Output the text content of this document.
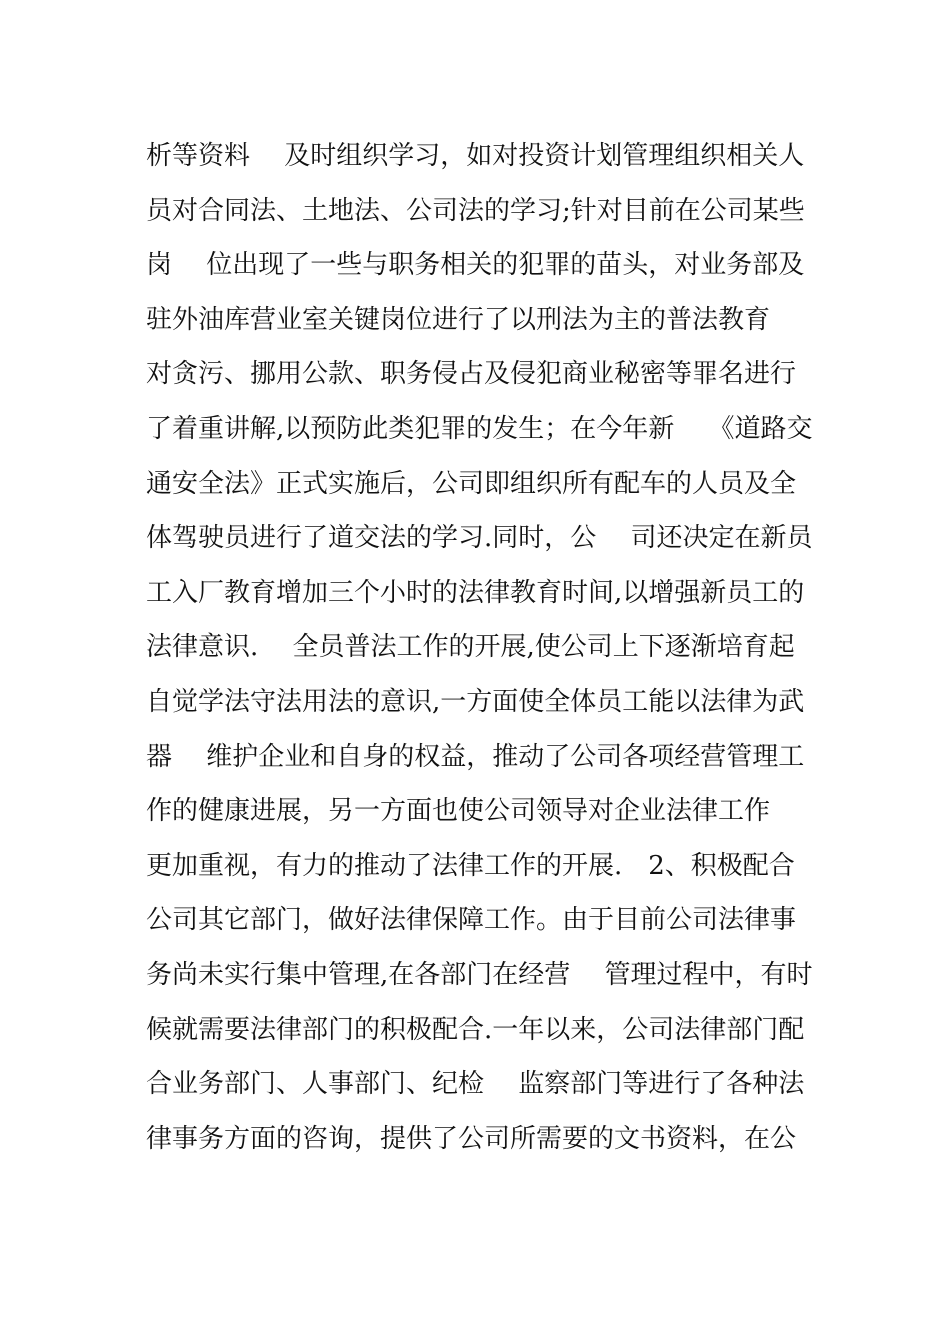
析等资料　 及时组织学习，如对投资计划管理组织相关人
员对合同法、土地法、公司法的学习;针对目前在公司某些
岗　 位出现了一些与职务相关的犯罪的苗头，对业务部及
驻外油库营业室关键岗位进行了以刑法为主的普法教育
对贪污、挪用公款、职务侵占及侵犯商业秘密等罪名进行
了着重讲解,以预防此类犯罪的发生；在今年新　 《道路交
通安全法》正式实施后，公司即组织所有配车的人员及全
体驾驶员进行了道交法的学习.同时，公　 司还决定在新员
工入厂教育增加三个小时的法律教育时间,以增强新员工的
法律意识.　 全员普法工作的开展,使公司上下逐渐培育起
自觉学法守法用法的意识,一方面使全体员工能以法律为武
器　 维护企业和自身的权益，推动了公司各项经营管理工
作的健康进展，另一方面也使公司领导对企业法律工作
更加重视，有力的推动了法律工作的开展.　2、积极配合
公司其它部门，做好法律保障工作。由于目前公司法律事
务尚未实行集中管理,在各部门在经营　 管理过程中，有时
候就需要法律部门的积极配合.一年以来，公司法律部门配
合业务部门、人事部门、纪检　 监察部门等进行了各种法
律事务方面的咨询，提供了公司所需要的文书资料，在公
